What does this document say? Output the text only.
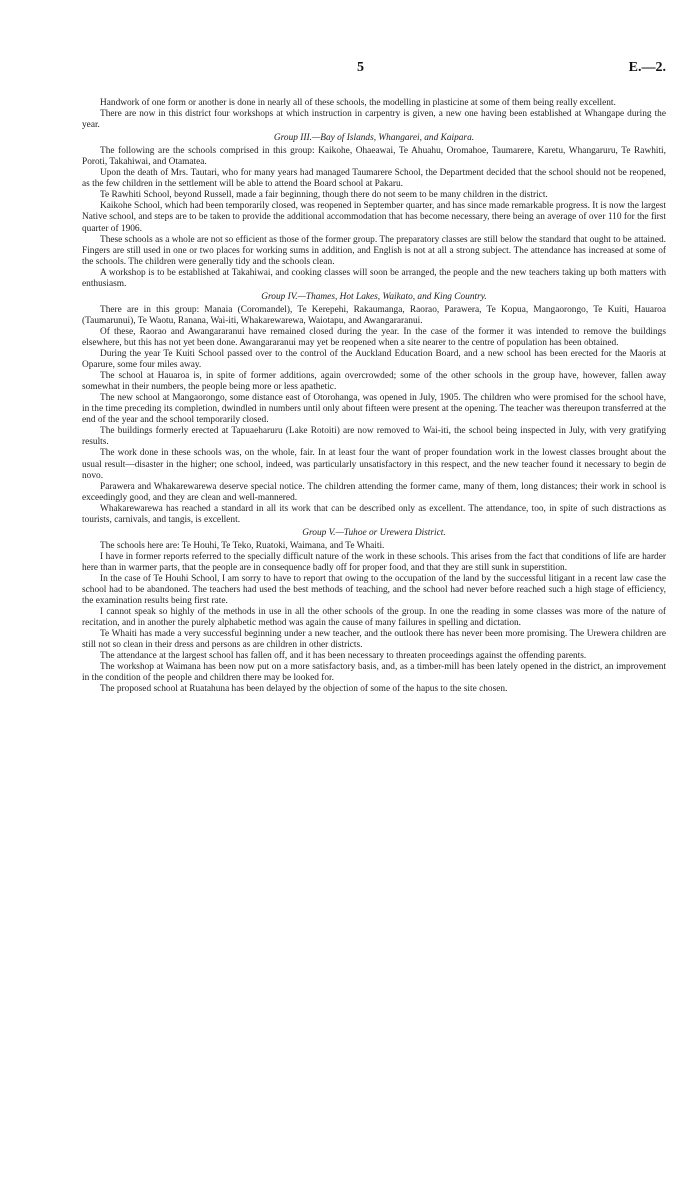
5	E.—2.

Handwork of one form or another is done in nearly all of these schools, the modelling in plasticine at some of them being really excellent.

There are now in this district four workshops at which instruction in carpentry is given, a new one having been established at Whangape during the year.

Group III.—Bay of Islands, Whangarei, and Kaipara.

The following are the schools comprised in this group: Kaikohe, Ohaeawai, Te Ahuahu, Oromahoe, Taumarere, Karetu, Whangaruru, Te Rawhiti, Poroti, Takahiwai, and Otamatea.

Upon the death of Mrs. Tautari, who for many years had managed Taumarere School, the Department decided that the school should not be reopened, as the few children in the settlement will be able to attend the Board school at Pakaru.

Te Rawhiti School, beyond Russell, made a fair beginning, though there do not seem to be many children in the district.

Kaikohe School, which had been temporarily closed, was reopened in September quarter, and has since made remarkable progress. It is now the largest Native school, and steps are to be taken to provide the additional accommodation that has become necessary, there being an average of over 110 for the first quarter of 1906.

These schools as a whole are not so efficient as those of the former group. The preparatory classes are still below the standard that ought to be attained. Fingers are still used in one or two places for working sums in addition, and English is not at all a strong subject. The attendance has increased at some of the schools. The children were generally tidy and the schools clean.

A workshop is to be established at Takahiwai, and cooking classes will soon be arranged, the people and the new teachers taking up both matters with enthusiasm.

Group IV.—Thames, Hot Lakes, Waikato, and King Country.

There are in this group: Manaia (Coromandel), Te Kerepehi, Rakaumanga, Raorao, Parawera, Te Kopua, Mangaorongo, Te Kuiti, Hauaroa (Taumarunui), Te Waotu, Ranana, Wai-iti, Whakarewarewa, Waiotapu, and Awangararanui.

Of these, Raorao and Awangararanui have remained closed during the year. In the case of the former it was intended to remove the buildings elsewhere, but this has not yet been done. Awangararanui may yet be reopened when a site nearer to the centre of population has been obtained.

During the year Te Kuiti School passed over to the control of the Auckland Education Board, and a new school has been erected for the Maoris at Oparure, some four miles away.

The school at Hauaroa is, in spite of former additions, again overcrowded; some of the other schools in the group have, however, fallen away somewhat in their numbers, the people being more or less apathetic.

The new school at Mangaorongo, some distance east of Otorohanga, was opened in July, 1905. The children who were promised for the school have, in the time preceding its completion, dwindled in numbers until only about fifteen were present at the opening. The teacher was thereupon transferred at the end of the year and the school temporarily closed.

The buildings formerly erected at Tapuaeharuru (Lake Rotoiti) are now removed to Wai-iti, the school being inspected in July, with very gratifying results.

The work done in these schools was, on the whole, fair. In at least four the want of proper foundation work in the lowest classes brought about the usual result—disaster in the higher; one school, indeed, was particularly unsatisfactory in this respect, and the new teacher found it necessary to begin de novo.

Parawera and Whakarewarewa deserve special notice. The children attending the former came, many of them, long distances; their work in school is exceedingly good, and they are clean and well-mannered.

Whakarewarewa has reached a standard in all its work that can be described only as excellent. The attendance, too, in spite of such distractions as tourists, carnivals, and tangis, is excellent.

Group V.—Tuhoe or Urewera District.

The schools here are: Te Houhi, Te Teko, Ruatoki, Waimana, and Te Whaiti.

I have in former reports referred to the specially difficult nature of the work in these schools. This arises from the fact that conditions of life are harder here than in warmer parts, that the people are in consequence badly off for proper food, and that they are still sunk in superstition.

In the case of Te Houhi School, I am sorry to have to report that owing to the occupation of the land by the successful litigant in a recent law case the school had to be abandoned. The teachers had used the best methods of teaching, and the school had never before reached such a high stage of efficiency, the examination results being first rate.

I cannot speak so highly of the methods in use in all the other schools of the group. In one the reading in some classes was more of the nature of recitation, and in another the purely alphabetic method was again the cause of many failures in spelling and dictation.

Te Whaiti has made a very successful beginning under a new teacher, and the outlook there has never been more promising. The Urewera children are still not so clean in their dress and persons as are children in other districts.

The attendance at the largest school has fallen off, and it has been necessary to threaten proceedings against the offending parents.

The workshop at Waimana has been now put on a more satisfactory basis, and, as a timber-mill has been lately opened in the district, an improvement in the condition of the people and children there may be looked for.

The proposed school at Ruatahuna has been delayed by the objection of some of the hapus to the site chosen.
